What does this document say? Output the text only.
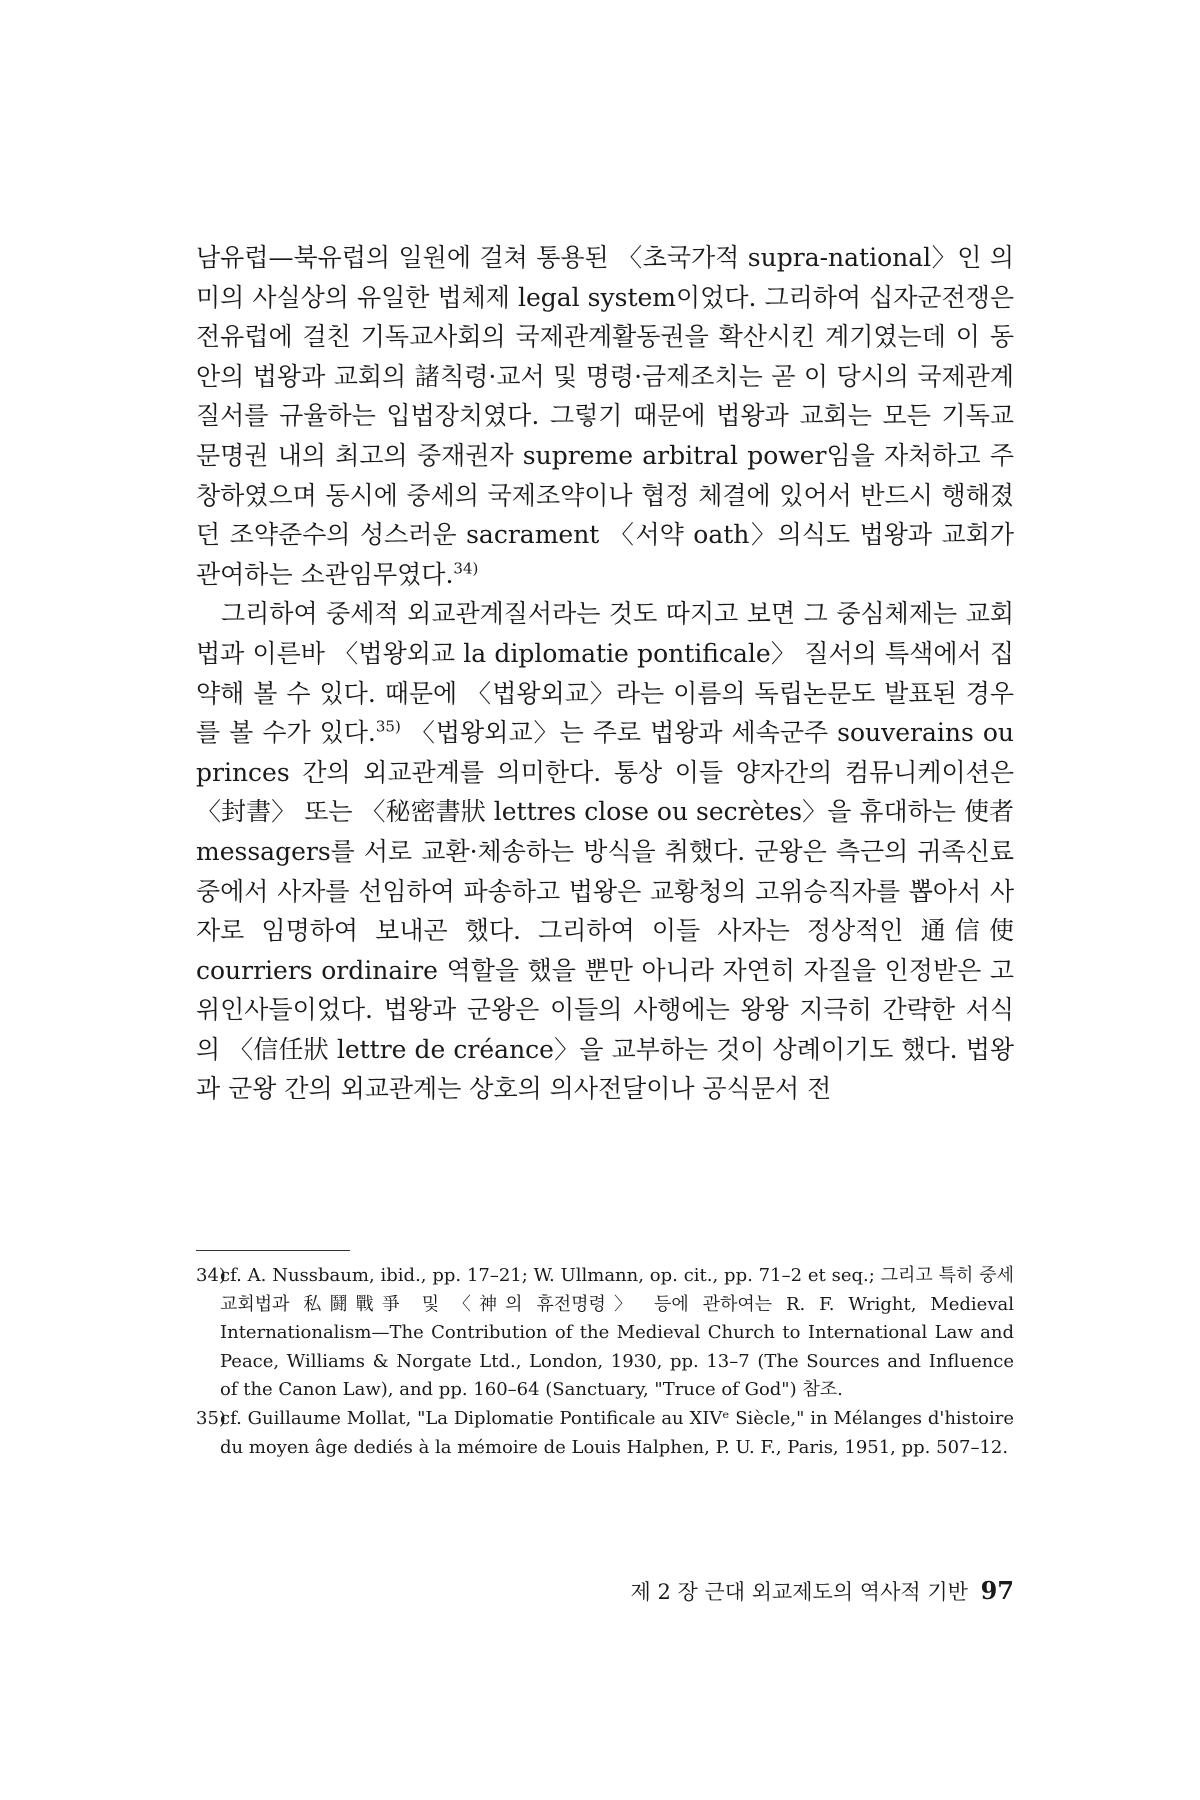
남유럽—북유럽의 일원에 걸쳐 통용된 〈초국가적 supra-national〉인 의미의 사실상의 유일한 법체제 legal system이었다. 그리하여 십자군전쟁은 전유럽에 걸친 기독교사회의 국제관계활동권을 확산시킨 계기였는데 이 동안의 법왕과 교회의 諸칙령·교서 및 명령·금제조치는 곧 이 당시의 국제관계질서를 규율하는 입법장치였다. 그렇기 때문에 법왕과 교회는 모든 기독교문명권 내의 최고의 중재권자 supreme arbitral power임을 자처하고 주창하였으며 동시에 중세의 국제조약이나 협정 체결에 있어서 반드시 행해졌던 조약준수의 성스러운 sacrament 〈서약 oath〉의식도 법왕과 교회가 관여하는 소관임무였다.$^{34)}$

그리하여 중세적 외교관계질서라는 것도 따지고 보면 그 중심체제는 교회법과 이른바 〈법왕외교 la diplomatie pontificale〉 질서의 특색에서 집약해 볼 수 있다. 때문에 〈법왕외교〉라는 이름의 독립논문도 발표된 경우를 볼 수가 있다.$^{35)}$ 〈법왕외교〉는 주로 법왕과 세속군주 souverains ou princes 간의 외교관계를 의미한다. 통상 이들 양자간의 컴뮤니케이션은 〈封書〉 또는 〈秘密書狀 lettres close ou secrètes〉을 휴대하는 使者 messagers를 서로 교환·체송하는 방식을 취했다. 군왕은 측근의 귀족신료 중에서 사자를 선임하여 파송하고 법왕은 교황청의 고위승직자를 뽑아서 사자로 임명하여 보내곤 했다. 그리하여 이들 사자는 정상적인 通信使 courriers ordinaire 역할을 했을 뿐만 아니라 자연히 자질을 인정받은 고위인사들이었다. 법왕과 군왕은 이들의 사행에는 왕왕 지극히 간략한 서식의 〈信任狀 lettre de créance〉을 교부하는 것이 상례이기도 했다. 법왕과 군왕 간의 외교관계는 상호의 의사전달이나 공식문서 전

34)
cf. A. Nussbaum, ibid., pp. 17–21; W. Ullmann, op. cit., pp. 71–2 et seq.; 그리고 특히 중세교회법과 私鬪戰爭 및 〈神의 휴전명령〉 등에 관하여는 R. F. Wright, Medieval Internationalism—The Contribution of the Medieval Church to International Law and Peace, Williams & Norgate Ltd., London, 1930, pp. 13–7 (The Sources and Influence of the Canon Law), and pp. 160–64 (Sanctuary, "Truce of God") 참조.
35)
cf. Guillaume Mollat, "La Diplomatie Pontificale au XIVᵉ Siècle," in Mélanges d'histoire du moyen âge dediés à la mémoire de Louis Halphen, P. U. F., Paris, 1951, pp. 507–12.
제 2 장 근대 외교제도의 역사적 기반 97
